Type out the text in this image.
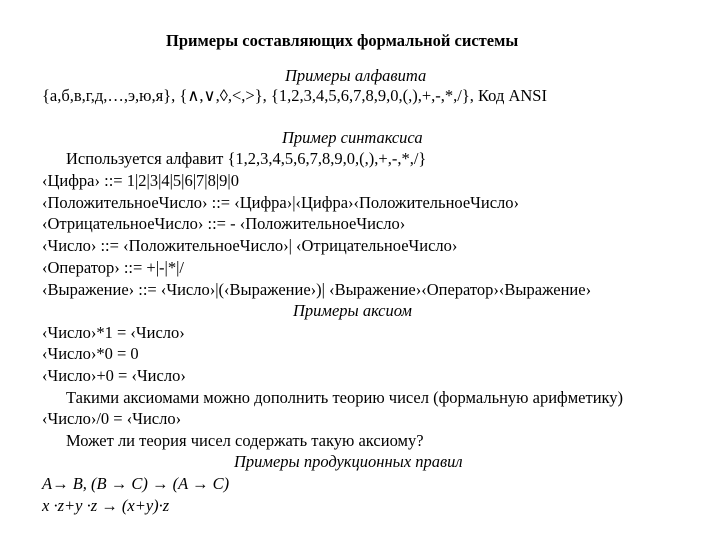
Примеры составляющих формальной системы
Примеры алфавита
{а,б,в,г,д,…,э,ю,я}, {∧,∨,◊,<,>}, {1,2,3,4,5,6,7,8,9,0,(,),+,-,*,/}, Код ANSI
Пример синтаксиса
Используется алфавит {1,2,3,4,5,6,7,8,9,0,(,),+,-,*,/}
‹Цифра› ::= 1|2|3|4|5|6|7|8|9|0
‹ПоложительноеЧисло› ::= ‹Цифра›|‹Цифра›‹ПоложительноеЧисло›
‹ОтрицательноеЧисло› ::= - ‹ПоложительноеЧисло›
‹Число› ::= ‹ПоложительноеЧисло›| ‹ОтрицательноеЧисло›
‹Оператор› ::= +|-|*|/
‹Выражение› ::= ‹Число›|(‹Выражение›)| ‹Выражение›‹Оператор›‹Выражение›
Примеры аксиом
‹Число›*1 = ‹Число›
‹Число›*0 = 0
‹Число›+0 = ‹Число›
Такими аксиомами можно дополнить теорию чисел (формальную арифметику)
‹Число›/0 = ‹Число›
Может ли теория чисел содержать такую аксиому?
Примеры продукционных правил
A→ B, (B → C) → (A → C)
x ·z+y ·z → (x+y)·z
